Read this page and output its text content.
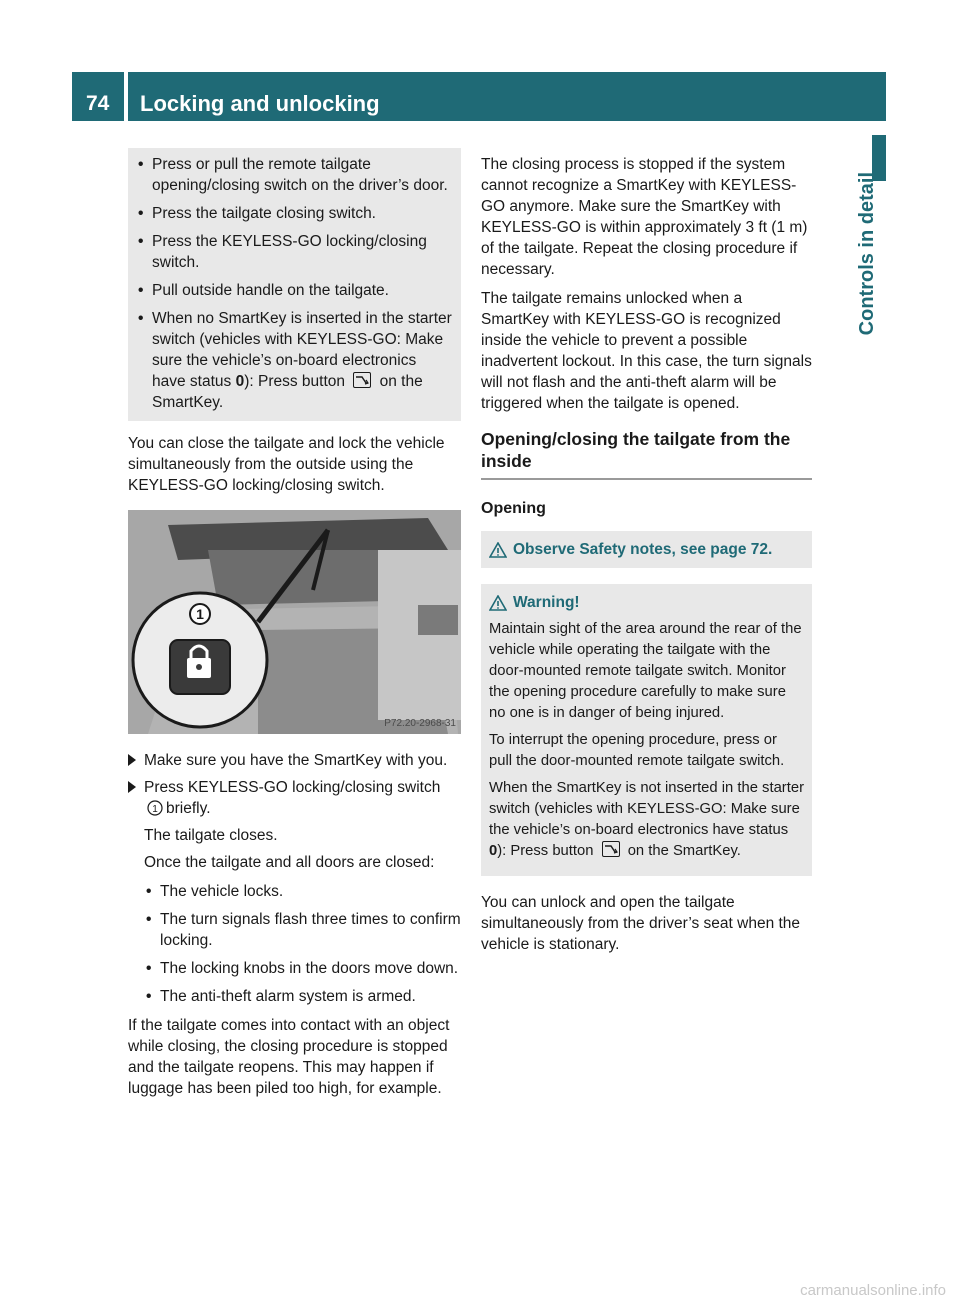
74	Locking and unlocking
Controls in detail
• Press or pull the remote tailgate opening/closing switch on the driver’s door.
• Press the tailgate closing switch.
• Press the KEYLESS-GO locking/closing switch.
• Pull outside handle on the tailgate.
• When no SmartKey is inserted in the starter switch (vehicles with KEYLESS-GO: Make sure the vehicle’s on-board electronics have status 0): Press button
on the SmartKey.

You can close the tailgate and lock the vehicle simultaneously from the outside using the KEYLESS-GO locking/closing switch.

1
P72.20-2968-31
Make sure you have the SmartKey with you.
Press KEYLESS-GO locking/closing switch
1 briefly.
The tailgate closes.
Once the tailgate and all doors are closed:
• The vehicle locks.
• The turn signals flash three times to confirm locking.
• The locking knobs in the doors move down.
• The anti-theft alarm system is armed.

If the tailgate comes into contact with an object while closing, the closing procedure is stopped and the tailgate reopens. This may happen if luggage has been piled too high, for example.

The closing process is stopped if the system cannot recognize a SmartKey with KEYLESS-GO anymore. Make sure the SmartKey with KEYLESS-GO is within approximately 3 ft (1 m) of the tailgate. Repeat the closing procedure if necessary.

The tailgate remains unlocked when a SmartKey with KEYLESS-GO is recognized inside the vehicle to prevent a possible inadvertent lockout. In this case, the turn signals will not flash and the anti-theft alarm will be triggered when the tailgate is opened.

Opening/closing the tailgate from the inside
Opening
Observe Safety notes, see page 72.
Warning!

Maintain sight of the area around the rear of the vehicle while operating the tailgate with the door-mounted remote tailgate switch. Monitor the opening procedure carefully to make sure no one is in danger of being injured.

To interrupt the opening procedure, press or pull the door-mounted remote tailgate switch.

When the SmartKey is not inserted in the starter switch (vehicles with KEYLESS-GO: Make sure the vehicle’s on-board electronics have status 0): Press button
on the SmartKey.

You can unlock and open the tailgate simultaneously from the driver’s seat when the vehicle is stationary.

carmanualsonline.info
